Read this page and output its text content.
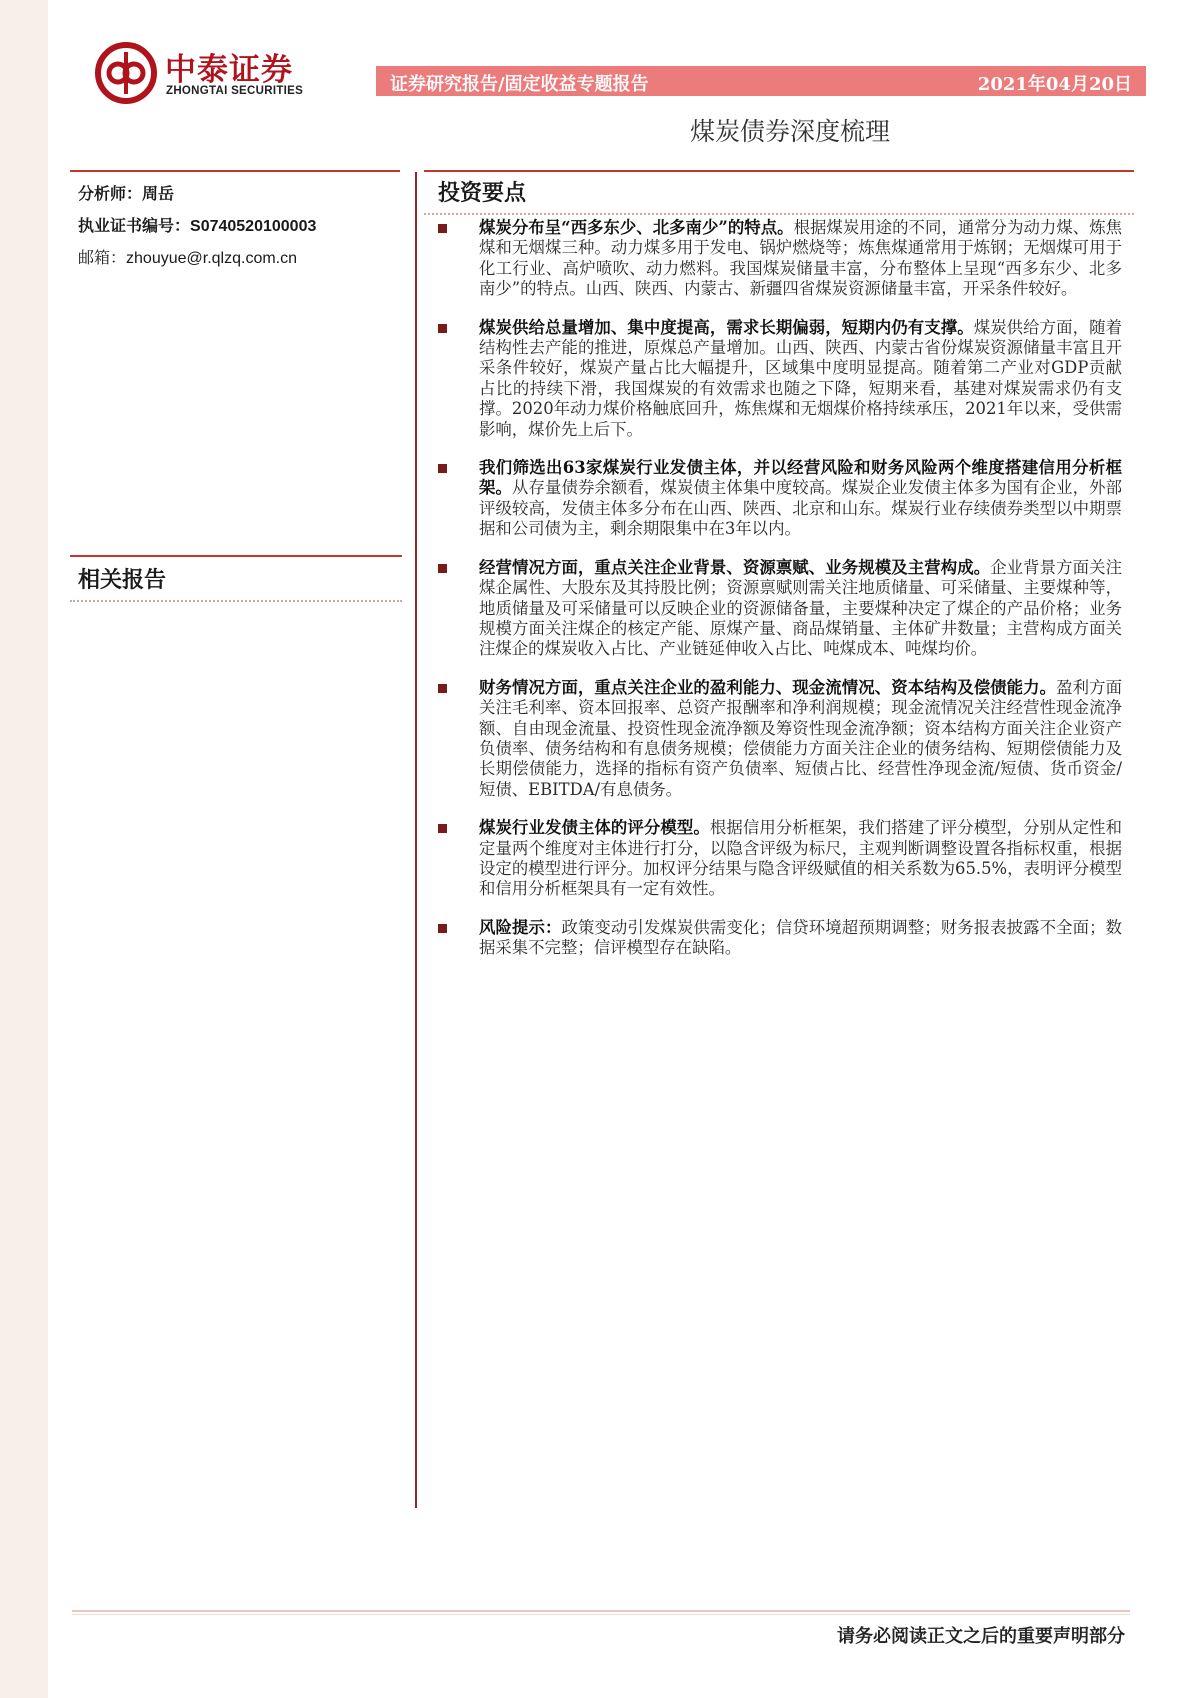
中泰证券
ZHONGTAI SECURITIES	证券研究报告/固定收益专题报告	2021年04月20日
煤炭债券深度梳理
分析师：周岳
执业证书编号：S0740520100003
邮箱：zhouyue@r.qlzq.com.cn
相关报告
投资要点
煤炭分布呈“西多东少、北多南少”的特点。根据煤炭用途的不同，通常分为动力煤、炼焦煤和无烟煤三种。动力煤多用于发电、锅炉燃烧等；炼焦煤通常用于炼钢；无烟煤可用于化工行业、高炉喷吹、动力燃料。我国煤炭储量丰富，分布整体上呈现“西多东少、北多南少”的特点。山西、陕西、内蒙古、新疆四省煤炭资源储量丰富，开采条件较好。
煤炭供给总量增加、集中度提高，需求长期偏弱，短期内仍有支撑。煤炭供给方面，随着结构性去产能的推进，原煤总产量增加。山西、陕西、内蒙古省份煤炭资源储量丰富且开采条件较好，煤炭产量占比大幅提升，区域集中度明显提高。随着第二产业对GDP贡献占比的持续下滑，我国煤炭的有效需求也随之下降，短期来看，基建对煤炭需求仍有支撑。2020年动力煤价格触底回升，炼焦煤和无烟煤价格持续承压，2021年以来，受供需影响，煤价先上后下。
我们筛选出63家煤炭行业发债主体，并以经营风险和财务风险两个维度搭建信用分析框架。从存量债券余额看，煤炭债主体集中度较高。煤炭企业发债主体多为国有企业，外部评级较高，发债主体多分布在山西、陕西、北京和山东。煤炭行业存续债券类型以中期票据和公司债为主，剩余期限集中在3年以内。
经营情况方面，重点关注企业背景、资源禀赋、业务规模及主营构成。企业背景方面关注煤企属性、大股东及其持股比例；资源禀赋则需关注地质储量、可采储量、主要煤种等，地质储量及可采储量可以反映企业的资源储备量，主要煤种决定了煤企的产品价格；业务规模方面关注煤企的核定产能、原煤产量、商品煤销量、主体矿井数量；主营构成方面关注煤企的煤炭收入占比、产业链延伸收入占比、吨煤成本、吨煤均价。
财务情况方面，重点关注企业的盈利能力、现金流情况、资本结构及偿债能力。盈利方面关注毛利率、资本回报率、总资产报酬率和净利润规模；现金流情况关注经营性现金流净额、自由现金流量、投资性现金流净额及筹资性现金流净额；资本结构方面关注企业资产负债率、债务结构和有息债务规模；偿债能力方面关注企业的债务结构、短期偿债能力及长期偿债能力，选择的指标有资产负债率、短债占比、经营性净现金流/短债、货币资金/短债、EBITDA/有息债务。
煤炭行业发债主体的评分模型。根据信用分析框架，我们搭建了评分模型，分别从定性和定量两个维度对主体进行打分，以隐含评级为标尺，主观判断调整设置各指标权重，根据设定的模型进行评分。加权评分结果与隐含评级赋值的相关系数为65.5%，表明评分模型和信用分析框架具有一定有效性。
风险提示：政策变动引发煤炭供需变化；信贷环境超预期调整；财务报表披露不全面；数据采集不完整；信评模型存在缺陷。
请务必阅读正文之后的重要声明部分
